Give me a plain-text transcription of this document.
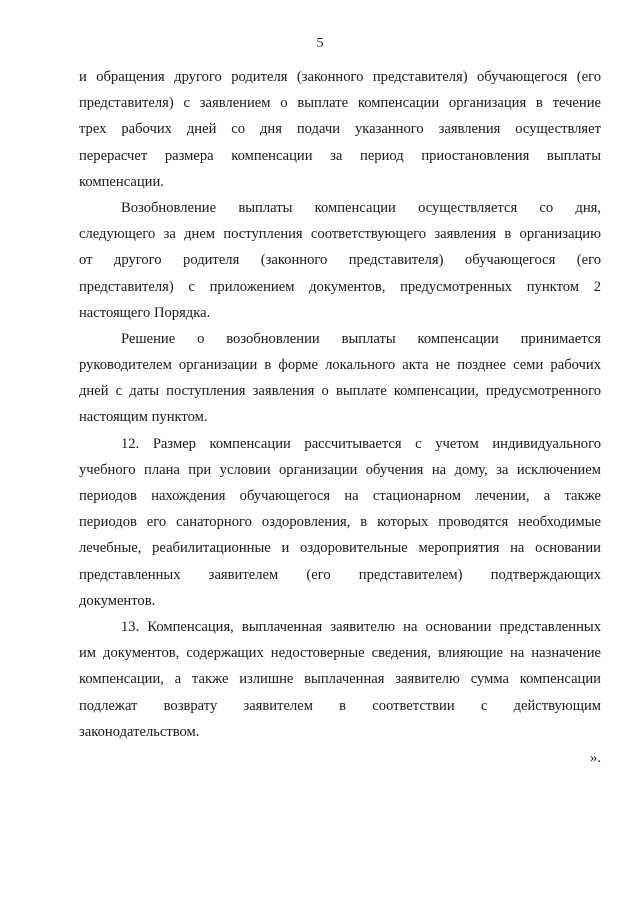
5
и обращения другого родителя (законного представителя) обучающегося (его
представителя) с заявлением о выплате компенсации организация в течение
трех рабочих дней со дня подачи указанного заявления осуществляет
перерасчет размера компенсации за период приостановления выплаты
компенсации.
Возобновление выплаты компенсации осуществляется со дня,
следующего за днем поступления соответствующего заявления в организацию
от другого родителя (законного представителя) обучающегося (его
представителя) с приложением документов, предусмотренных пунктом 2
настоящего Порядка.
Решение о возобновлении выплаты компенсации принимается
руководителем организации в форме локального акта не позднее семи рабочих
дней с даты поступления заявления о выплате компенсации, предусмотренного
настоящим пунктом.
12. Размер компенсации рассчитывается с учетом индивидуального
учебного плана при условии организации обучения на дому, за исключением
периодов нахождения обучающегося на стационарном лечении, а также
периодов его санаторного оздоровления, в которых проводятся необходимые
лечебные, реабилитационные и оздоровительные мероприятия на основании
представленных заявителем (его представителем) подтверждающих
документов.
13. Компенсация, выплаченная заявителю на основании представленных
им документов, содержащих недостоверные сведения, влияющие на назначение
компенсации, а также излишне выплаченная заявителю сумма компенсации
подлежат возврату заявителем в соответствии с действующим
законодательством.
».
